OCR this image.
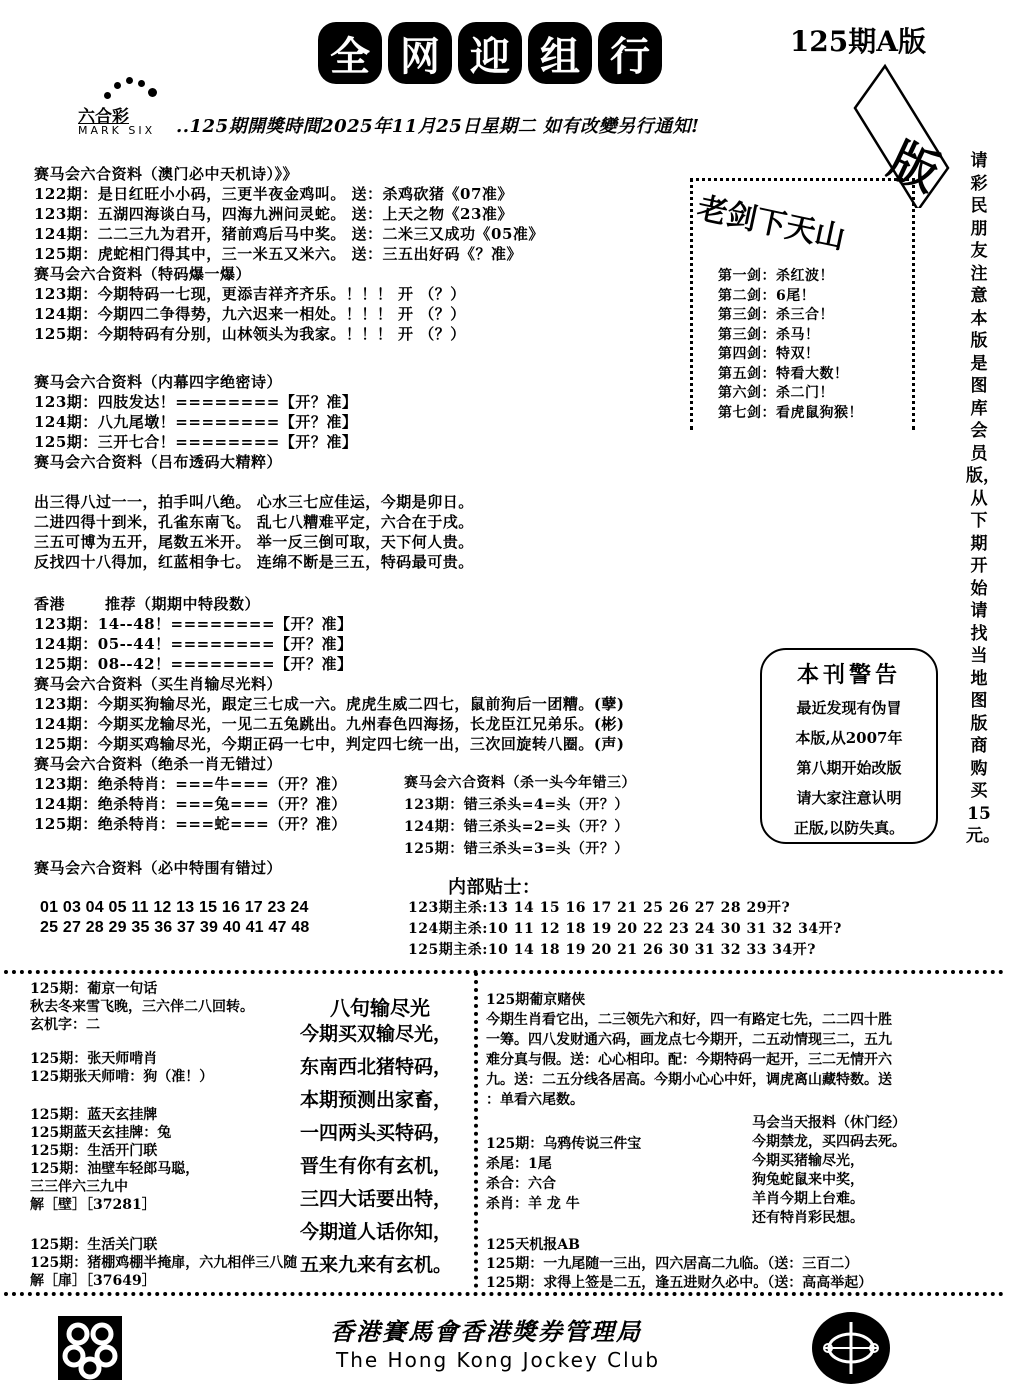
全 网 迎 组 行	125期A版
六合彩
MARK SIX ..125期開獎時間2025年11月25日星期二 如有改變另行通知!
版
赛马会六合资料（澳门必中天机诗）》》
122期：是日红旺小小码，三更半夜金鸡叫。 送：杀鸡砍猪《07准》
123期：五湖四海谈白马，四海九洲问灵蛇。 送：上天之物《23准》
124期：二二三九为君开，猪前鸡后马中奖。 送：二米三又成功《05准》
125期：虎蛇相门得其中，三一米五又米六。 送：三五出好码《？准》
赛马会六合资料（特码爆一爆）
123期：今期特码一七现，更添吉祥齐齐乐。！！！ 开 （？）
124期：今期四二争得势，九六迟来一相处。！！！ 开 （？）
125期：今期特码有分别，山林领头为我家。！！！ 开 （？）
赛马会六合资料（内幕四字绝密诗）
123期：四肢发达！========【开？准】
124期：八九尾墩！========【开？准】
125期：三开七合！========【开？准】
赛马会六合资料（吕布透码大精粹）
出三得八过一一，拍手叫八绝。 心水三七应佳运，今期是卯日。
二进四得十到米，孔雀东南飞。 乱七八糟难平定，六合在于戌。
三五可博为五开，尾数五米开。 举一反三倒可取，天下何人贵。
反找四十八得加，红蓝相争七。 连绵不断是三五，特码最可贵。
香港       推荐（期期中特段数）
123期：14--48！========【开？准】
124期：05--44！========【开？准】
125期：08--42！========【开？准】
赛马会六合资料（买生肖输尽光料）
123期：今期买狗输尽光，跟定三七成一六。虎虎生威二四七，鼠前狗后一团糟。(孽)
124期：今期买龙输尽光，一见二五兔跳出。九州春色四海扬，长龙臣江兄弟乐。(彬)
125期：今期买鸡输尽光，今期正码一七中，判定四七统一出，三次回旋转八圈。(声)
赛马会六合资料（绝杀一肖无错过）
123期：绝杀特肖：===牛===（开？准）
124期：绝杀特肖：===兔===（开？准）
125期：绝杀特肖：===蛇===（开？准）
赛马会六合资料（杀一头今年错三）
123期：错三杀头=4=头（开？）
124期：错三杀头=2=头（开？）
125期：错三杀头=3=头（开？）
赛马会六合资料（必中特围有错过）
01 03 04 05 11 12 13 15 16 17 23 24
25 27 28 29 35 36 37 39 40 41 47 48
内部贴士：
123期主杀:13 14 15 16 17 21 25 26 27 28 29开?
124期主杀:10 11 12 18 19 20 22 23 24 30 31 32 34开?
125期主杀:10 14 18 19 20 21 26 30 31 32 33 34开?
老剑下天山
第一剑：杀红波！
第二剑：6尾！
第三剑：杀三合！
第三剑：杀马！
第四剑：特双！
第五剑：特看大数！
第六剑：杀二门！
第七剑：看虎鼠狗猴！
请彩民朋友注意本版是图库会员版，从下期开始请找当地图版商购买15元。
本刊警告
最近发现有伪冒
本版,从2007年
第八期开始改版
请大家注意认明
正版,以防失真。
125期：葡京一句话
秋去冬来雪飞晚，三六伴二八回转。
玄机字：二
125期：张天师啃肖
125期张天师啃：狗（准！）
125期：蓝天玄挂牌
125期蓝天玄挂牌：兔
125期：生活开门联
125期：油壁车轻郎马聪，
三三伴六三九中
解［壁］［37281］
125期：生活关门联
125期：猪棚鸡棚半掩扉，六九相伴三八随
解［扉］［37649］
八句输尽光
今期买双输尽光，
东南西北猪特码，
本期预测出家畜，
一四两头买特码，
晋生有你有玄机，
三四大话要出特，
今期道人话你知，
五来九来有玄机。
125期葡京赌侠
今期生肖看它出，二三领先六和好，四一有路定七先，二二四十胜
一筹。四八发财通六码，画龙点七今期开，二五动情现三二，五九
难分真与假。送：心心相印。配：今期特码一起开，三二无情开六
九。送：二五分线各居高。今期小心心中奸，调虎离山藏特数。送
：单看六尾数。
125期：乌鸦传说三件宝
杀尾：1尾
杀合：六合
杀肖：羊 龙 牛
马会当天报料（休门经）
今期禁龙，买四码去死。
今期买猪输尽光，
狗兔蛇鼠来中奖，
羊肖今期上台难。
还有特肖彩民想。
125天机报AB
125期：一九尾随一三出，四六居高二九临。（送：三百二）
125期：求得上签是二五，逢五进财久必中。（送：高高举起）
香港賽馬會香港獎券管理局
The Hong Kong Jockey Club
